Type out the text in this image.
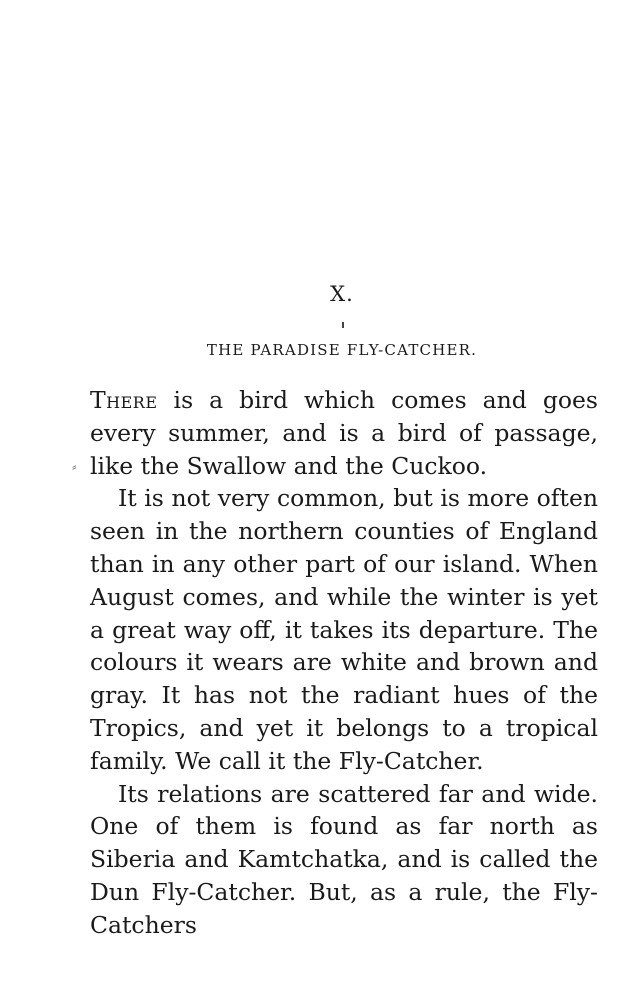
X.
THE PARADISE FLY-CATCHER.
⸗

There is a bird which comes and goes every summer, and is a bird of passage, like the Swallow and the Cuckoo.

It is not very common, but is more often seen in the northern counties of England than in any other part of our island. When August comes, and while the winter is yet a great way off, it takes its departure. The colours it wears are white and brown and gray. It has not the radiant hues of the Tropics, and yet it belongs to a tropical family. We call it the Fly-Catcher.

Its relations are scattered far and wide. One of them is found as far north as Siberia and Kamtchatka, and is called the Dun Fly-Catcher. But, as a rule, the Fly-Catchers
